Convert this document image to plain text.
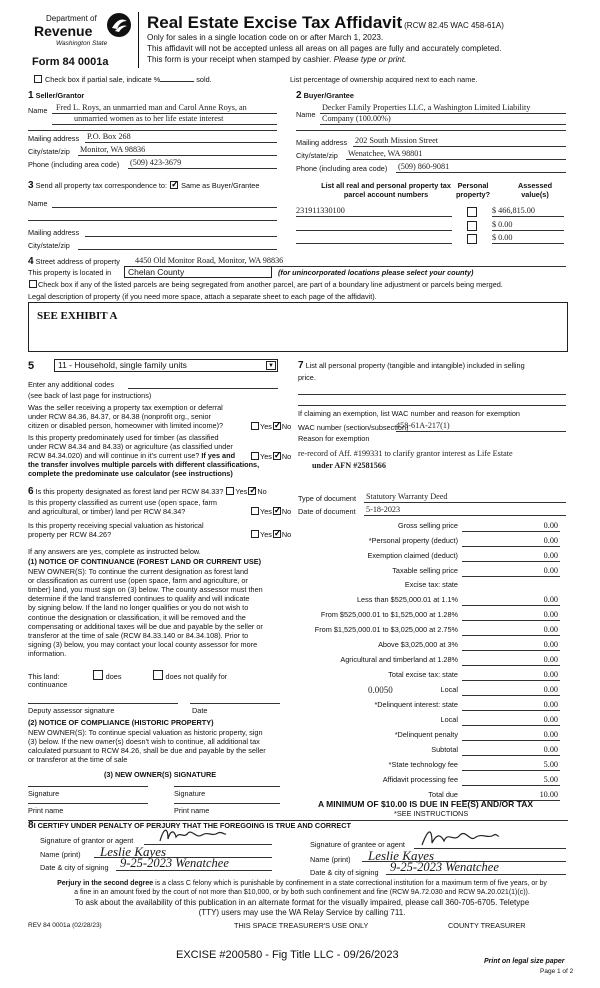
Department of
Revenue
Washington State
Form 84 0001a
Real Estate Excise Tax Affidavit (RCW 82.45 WAC 458-61A)
Only for sales in a single location code on or after March 1, 2023.
This affidavit will not be accepted unless all areas on all pages are fully and accurately completed.
This form is your receipt when stamped by cashier. Please type or print.
Check box if partial sale, indicate %	sold.	List percentage of ownership acquired next to each name.
1 Seller/Grantor
Name	Fred L. Roys, an unmarried man and Carol Anne Roys, an
unmarried women as to her life estate interest
Mailing address P.O. Box 268
City/state/zip Monitor, WA 98836
Phone (including area code) (509) 423-3679
2 Buyer/Grantee
Name
Decker Family Properties LLC, a Washington Limited Liability
Company (100.00%)
Mailing address 202 South Mission Street
City/state/zip Wenatchee, WA 98801
Phone (including area code) (509) 860-9081
3 Send all property tax correspondence to: ✓ Same as Buyer/Grantee
Name
Mailing address
City/state/zip
List all real and personal property tax
parcel account numbers
Personal
property?
Assessed
value(s)
231911330100	$ 466,815.00
$ 0.00
$ 0.00
4 Street address of property 4450 Old Monitor Road, Monitor, WA 98836
This property is located in	Chelan County	(for unincorporated locations please select your county)
Check box if any of the listed parcels are being segregated from another parcel, are part of a boundary line adjustment or parcels being merged.
Legal description of property (if you need more space, attach a separate sheet to each page of the affidavit).
SEE EXHIBIT A
5	11 - Household, single family units	▼
Enter any additional codes
(see back of last page for instructions)
Was the seller receiving a property tax exemption or deferral
under RCW 84.36, 84.37, or 84.38 (nonprofit org., senior
citizen or disabled person, homeowner with limited income)?	Yes ✓ No
Is this property predominately used for timber (as classified
under RCW 84.34 and 84.33) or agriculture (as classified under
RCW 84.34.020) and will continue in it's current use? If yes and
the transfer involves multiple parcels with different classifications,
complete the predominate use calculator (see instructions)
Yes ✓ No
6 Is this property designated as forest land per RCW 84.33? Yes ✓ No
Is this property classified as current use (open space, farm
and agricultural, or timber) land per RCW 84.34?	Yes ✓ No
Is this property receiving special valuation as historical
property per RCW 84.26?	Yes ✓ No
If any answers are yes, complete as instructed below.
(1) NOTICE OF CONTINUANCE (FOREST LAND OR CURRENT USE)
NEW OWNER(S): To continue the current designation as forest land
or classification as current use (open space, farm and agriculture, or
timber) land, you must sign on (3) below. The county assessor must then
determine if the land transferred continues to qualify and will indicate
by signing below. If the land no longer qualifies or you do not wish to
continue the designation or classification, it will be removed and the
compensating or additional taxes will be due and payable by the seller or
transferor at the time of sale (RCW 84.33.140 or 84.34.108). Prior to
signing (3) below, you may contact your local county assessor for more
information.
This land:	does	does not qualify for
continuance
Deputy assessor signature	Date
(2) NOTICE OF COMPLIANCE (HISTORIC PROPERTY)
NEW OWNER(S): To continue special valuation as historic property, sign
(3) below. If the new owner(s) doesn't wish to continue, all additional tax
calculated pursuant to RCW 84.26, shall be due and payable by the seller
or transferor at the time of sale
(3) NEW OWNER(S) SIGNATURE
Signature	Signature
Print name	Print name
7 List all personal property (tangible and intangible) included in selling
price.
If claiming an exemption, list WAC number and reason for exemption
WAC number (section/subsection)
458-61A-217(1)
Reason for exemption
re-record of Aff. #199331 to clarify grantor interest as Life Estate
under AFN #2581566
Type of document Statutory Warranty Deed
Date of document 5-18-2023
Gross selling price	0.00
*Personal property (deduct)	0.00
Exemption claimed (deduct)	0.00
Taxable selling price	0.00
Excise tax: state
Less than $525,000.01 at 1.1%	0.00
From $525,000.01 to $1,525,000 at 1.28%	0.00
From $1,525,000.01 to $3,025,000 at 2.75%	0.00
Above $3,025,000 at 3%	0.00
Agricultural and timberland at 1.28%	0.00
Total excise tax: state	0.00
0.0050	Local	0.00
*Delinquent interest: state	0.00
Local	0.00
*Delinquent penalty	0.00
Subtotal	0.00
*State technology fee	5.00
Affidavit processing fee	5.00
Total due	10.00
A MINIMUM OF $10.00 IS DUE IN FEE(S) AND/OR TAX
*SEE INSTRUCTIONS
8I CERTIFY UNDER PENALTY OF PERJURY THAT THE FOREGOING IS TRUE AND CORRECT
Signature of grantor or agent
Name (print)	Leslie Kayes
Date & city of signing 9-25-2023 Wenatchee
Signature of grantee or agent
Name (print)	Leslie Kayes
Date & city of signing 9-25-2023 Wenatchee
Perjury in the second degree is a class C felony which is punishable by confinement in a state correctional institution for a maximum term of five years, or by
a fine in an amount fixed by the court of not more than $10,000, or by both such confinement and fine (RCW 9A.72.030 and RCW 9A.20.021(1)(c)).
To ask about the availability of this publication in an alternate format for the visually impaired, please call 360-705-6705. Teletype
(TTY) users may use the WA Relay Service by calling 711.
REV 84 0001a (02/28/23)	THIS SPACE TREASURER'S USE ONLY	COUNTY TREASURER
EXCISE #200580 - Fig Title LLC - 09/26/2023
Print on legal size paper
Page 1 of 2
